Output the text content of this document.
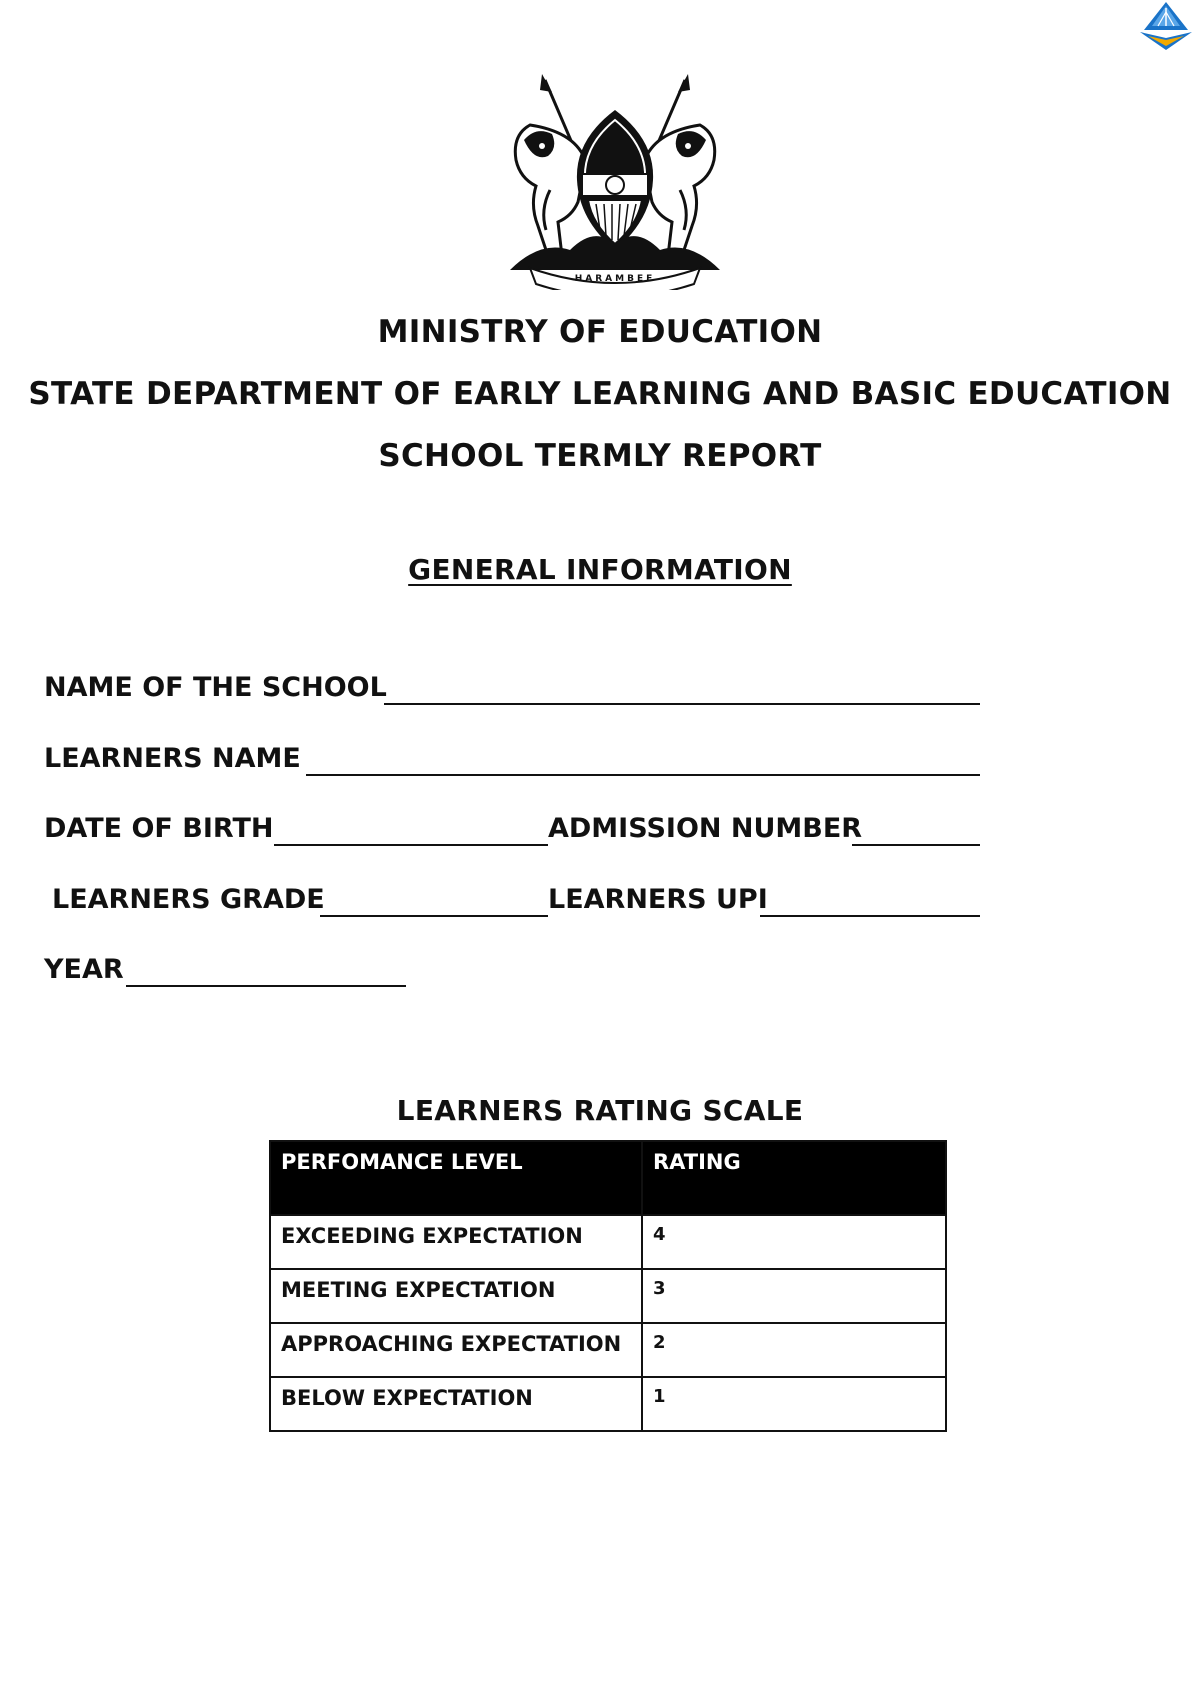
HARAMBEE
MINISTRY OF EDUCATION
STATE DEPARTMENT OF EARLY LEARNING AND BASIC EDUCATION
SCHOOL TERMLY REPORT
GENERAL INFORMATION
NAME OF THE SCHOOL
LEARNERS NAME
DATE OF BIRTH	ADMISSION NUMBER
LEARNERS GRADE	LEARNERS UPI
YEAR
LEARNERS RATING SCALE
PERFOMANCE LEVEL	RATING
EXCEEDING EXPECTATION	4
MEETING EXPECTATION	3
APPROACHING EXPECTATION	2
BELOW EXPECTATION	1
